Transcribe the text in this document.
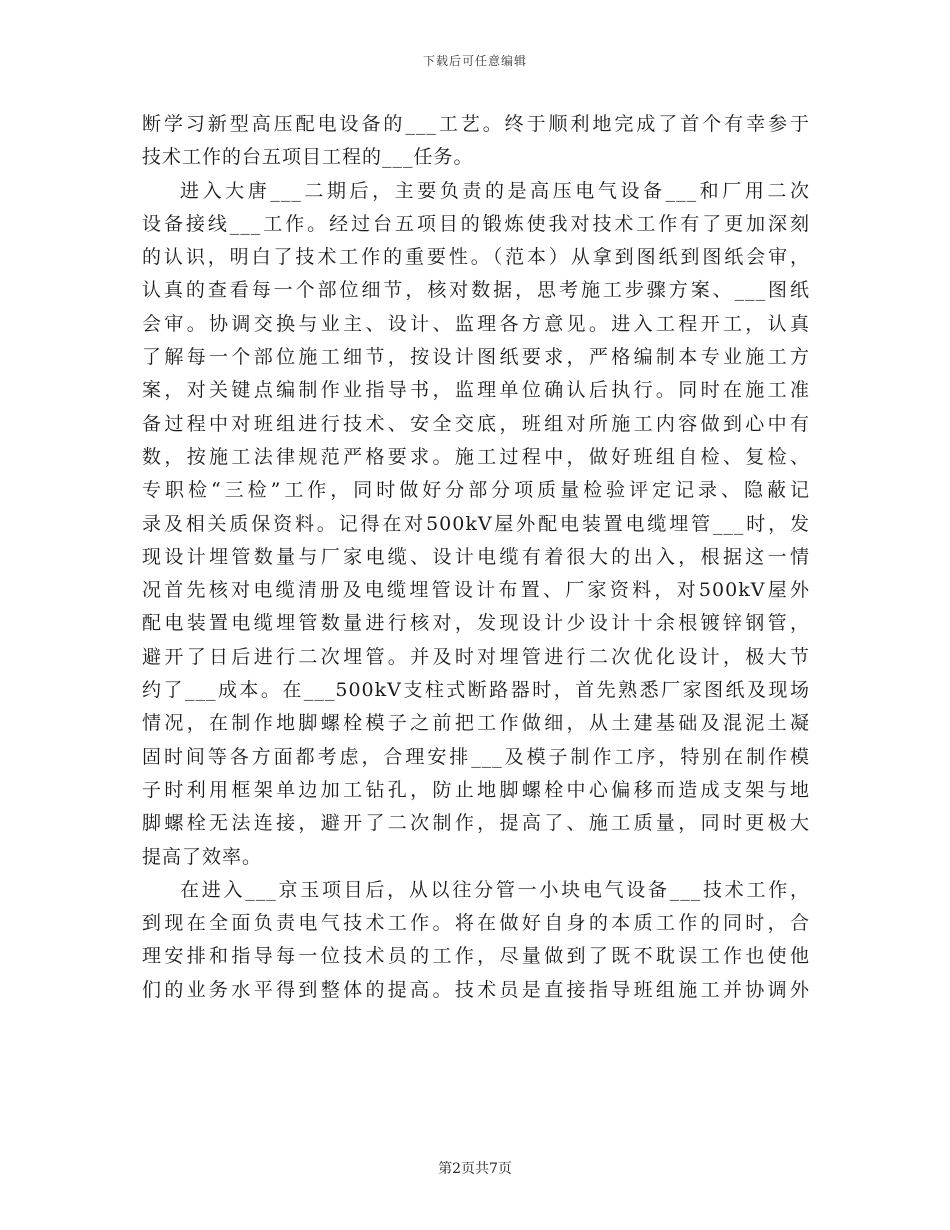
下载后可任意编辑
断学习新型高压配电设备的___工艺。终于顺利地完成了首个有幸参于
技术工作的台五项目工程的___任务。
进入大唐___二期后，主要负责的是高压电气设备___和厂用二次
设备接线___工作。经过台五项目的锻炼使我对技术工作有了更加深刻
的认识，明白了技术工作的重要性。（范本）从拿到图纸到图纸会审，
认真的查看每一个部位细节，核对数据，思考施工步骤方案、___图纸
会审。协调交换与业主、设计、监理各方意见。进入工程开工，认真
了解每一个部位施工细节，按设计图纸要求，严格编制本专业施工方
案，对关键点编制作业指导书，监理单位确认后执行。同时在施工准
备过程中对班组进行技术、安全交底，班组对所施工内容做到心中有
数，按施工法律规范严格要求。施工过程中，做好班组自检、复检、
专职检“三检”工作，同时做好分部分项质量检验评定记录、隐蔽记
录及相关质保资料。记得在对500kV屋外配电装置电缆埋管___时，发
现设计埋管数量与厂家电缆、设计电缆有着很大的出入，根据这一情
况首先核对电缆清册及电缆埋管设计布置、厂家资料，对500kV屋外
配电装置电缆埋管数量进行核对，发现设计少设计十余根镀锌钢管，
避开了日后进行二次埋管。并及时对埋管进行二次优化设计，极大节
约了___成本。在___500kV支柱式断路器时，首先熟悉厂家图纸及现场
情况，在制作地脚螺栓模子之前把工作做细，从土建基础及混泥土凝
固时间等各方面都考虑，合理安排___及模子制作工序，特别在制作模
子时利用框架单边加工钻孔，防止地脚螺栓中心偏移而造成支架与地
脚螺栓无法连接，避开了二次制作，提高了、施工质量，同时更极大
提高了效率。
在进入___京玉项目后，从以往分管一小块电气设备___技术工作，
到现在全面负责电气技术工作。将在做好自身的本质工作的同时，合
理安排和指导每一位技术员的工作，尽量做到了既不耽误工作也使他
们的业务水平得到整体的提高。技术员是直接指导班组施工并协调外
第2页共7页
